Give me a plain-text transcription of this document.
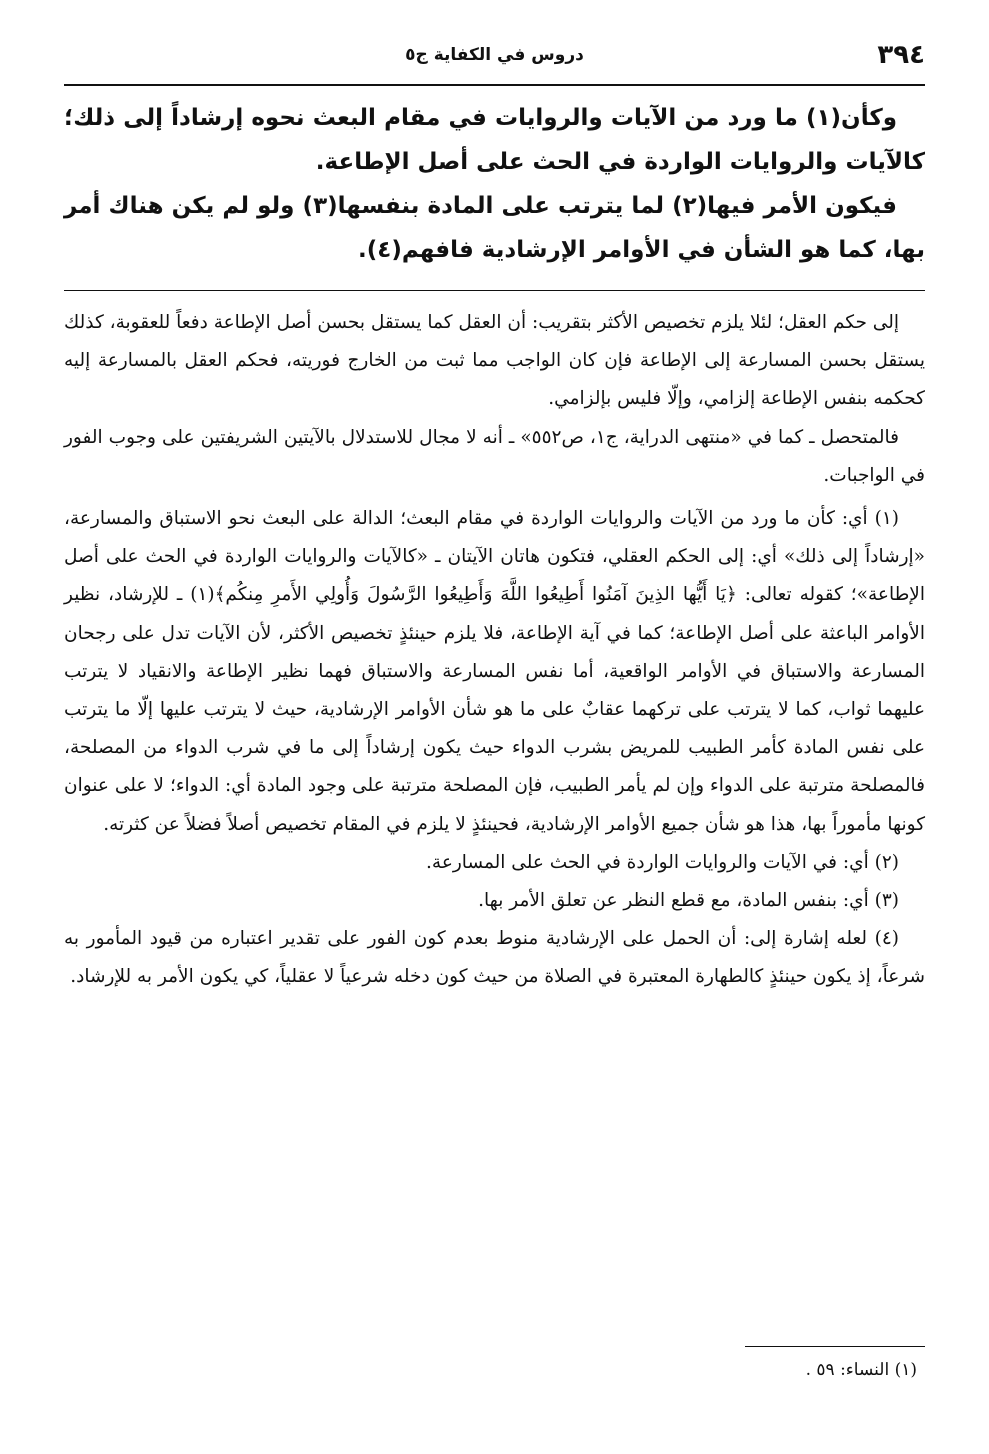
٣٩٤
دروس في الكفاية ج٥

وكأن(١) ما ورد من الآيات والروايات في مقام البعث نحوه إرشاداً إلى ذلك؛ كالآيات والروايات الواردة في الحث على أصل الإطاعة.

فيكون الأمر فيها(٢) لما يترتب على المادة بنفسها(٣) ولو لم يكن هناك أمر بها، كما هو الشأن في الأوامر الإرشادية فافهم(٤).

إلى حكم العقل؛ لئلا يلزم تخصيص الأكثر بتقريب: أن العقل كما يستقل بحسن أصل الإطاعة دفعاً للعقوبة، كذلك يستقل بحسن المسارعة إلى الإطاعة فإن كان الواجب مما ثبت من الخارج فوريته، فحكم العقل بالمسارعة إليه كحكمه بنفس الإطاعة إلزامي، وإلّا فليس بإلزامي.

فالمتحصل ـ كما في «منتهى الدراية، ج١، ص٥٥٢» ـ أنه لا مجال للاستدلال بالآيتين الشريفتين على وجوب الفور في الواجبات.

(١) أي: كأن ما ورد من الآيات والروايات الواردة في مقام البعث؛ الدالة على البعث نحو الاستباق والمسارعة، «إرشاداً إلى ذلك» أي: إلى الحكم العقلي، فتكون هاتان الآيتان ـ «كالآيات والروايات الواردة في الحث على أصل الإطاعة»؛ كقوله تعالى: ﴿يَا أَيُّها الذِينَ آمَنُوا أَطِيعُوا اللَّهَ وَأَطِيعُوا الرَّسُولَ وَأُولِي الأَمرِ مِنكُم﴾(١) ـ للإرشاد، نظير الأوامر الباعثة على أصل الإطاعة؛ كما في آية الإطاعة، فلا يلزم حينئذٍ تخصيص الأكثر، لأن الآيات تدل على رجحان المسارعة والاستباق في الأوامر الواقعية، أما نفس المسارعة والاستباق فهما نظير الإطاعة والانقياد لا يترتب عليهما ثواب، كما لا يترتب على تركهما عقابٌ على ما هو شأن الأوامر الإرشادية، حيث لا يترتب عليها إلّا ما يترتب على نفس المادة كأمر الطبيب للمريض بشرب الدواء حيث يكون إرشاداً إلى ما في شرب الدواء من المصلحة، فالمصلحة مترتبة على الدواء وإن لم يأمر الطبيب، فإن المصلحة مترتبة على وجود المادة أي: الدواء؛ لا على عنوان كونها مأموراً بها، هذا هو شأن جميع الأوامر الإرشادية، فحينئذٍ لا يلزم في المقام تخصيص أصلاً فضلاً عن كثرته.

(٢) أي: في الآيات والروايات الواردة في الحث على المسارعة.

(٣) أي: بنفس المادة، مع قطع النظر عن تعلق الأمر بها.

(٤) لعله إشارة إلى: أن الحمل على الإرشادية منوط بعدم كون الفور على تقدير اعتباره من قيود المأمور به شرعاً، إذ يكون حينئذٍ كالطهارة المعتبرة في الصلاة من حيث كون دخله شرعياً لا عقلياً، كي يكون الأمر به للإرشاد.

(١) النساء: ٥٩ .
